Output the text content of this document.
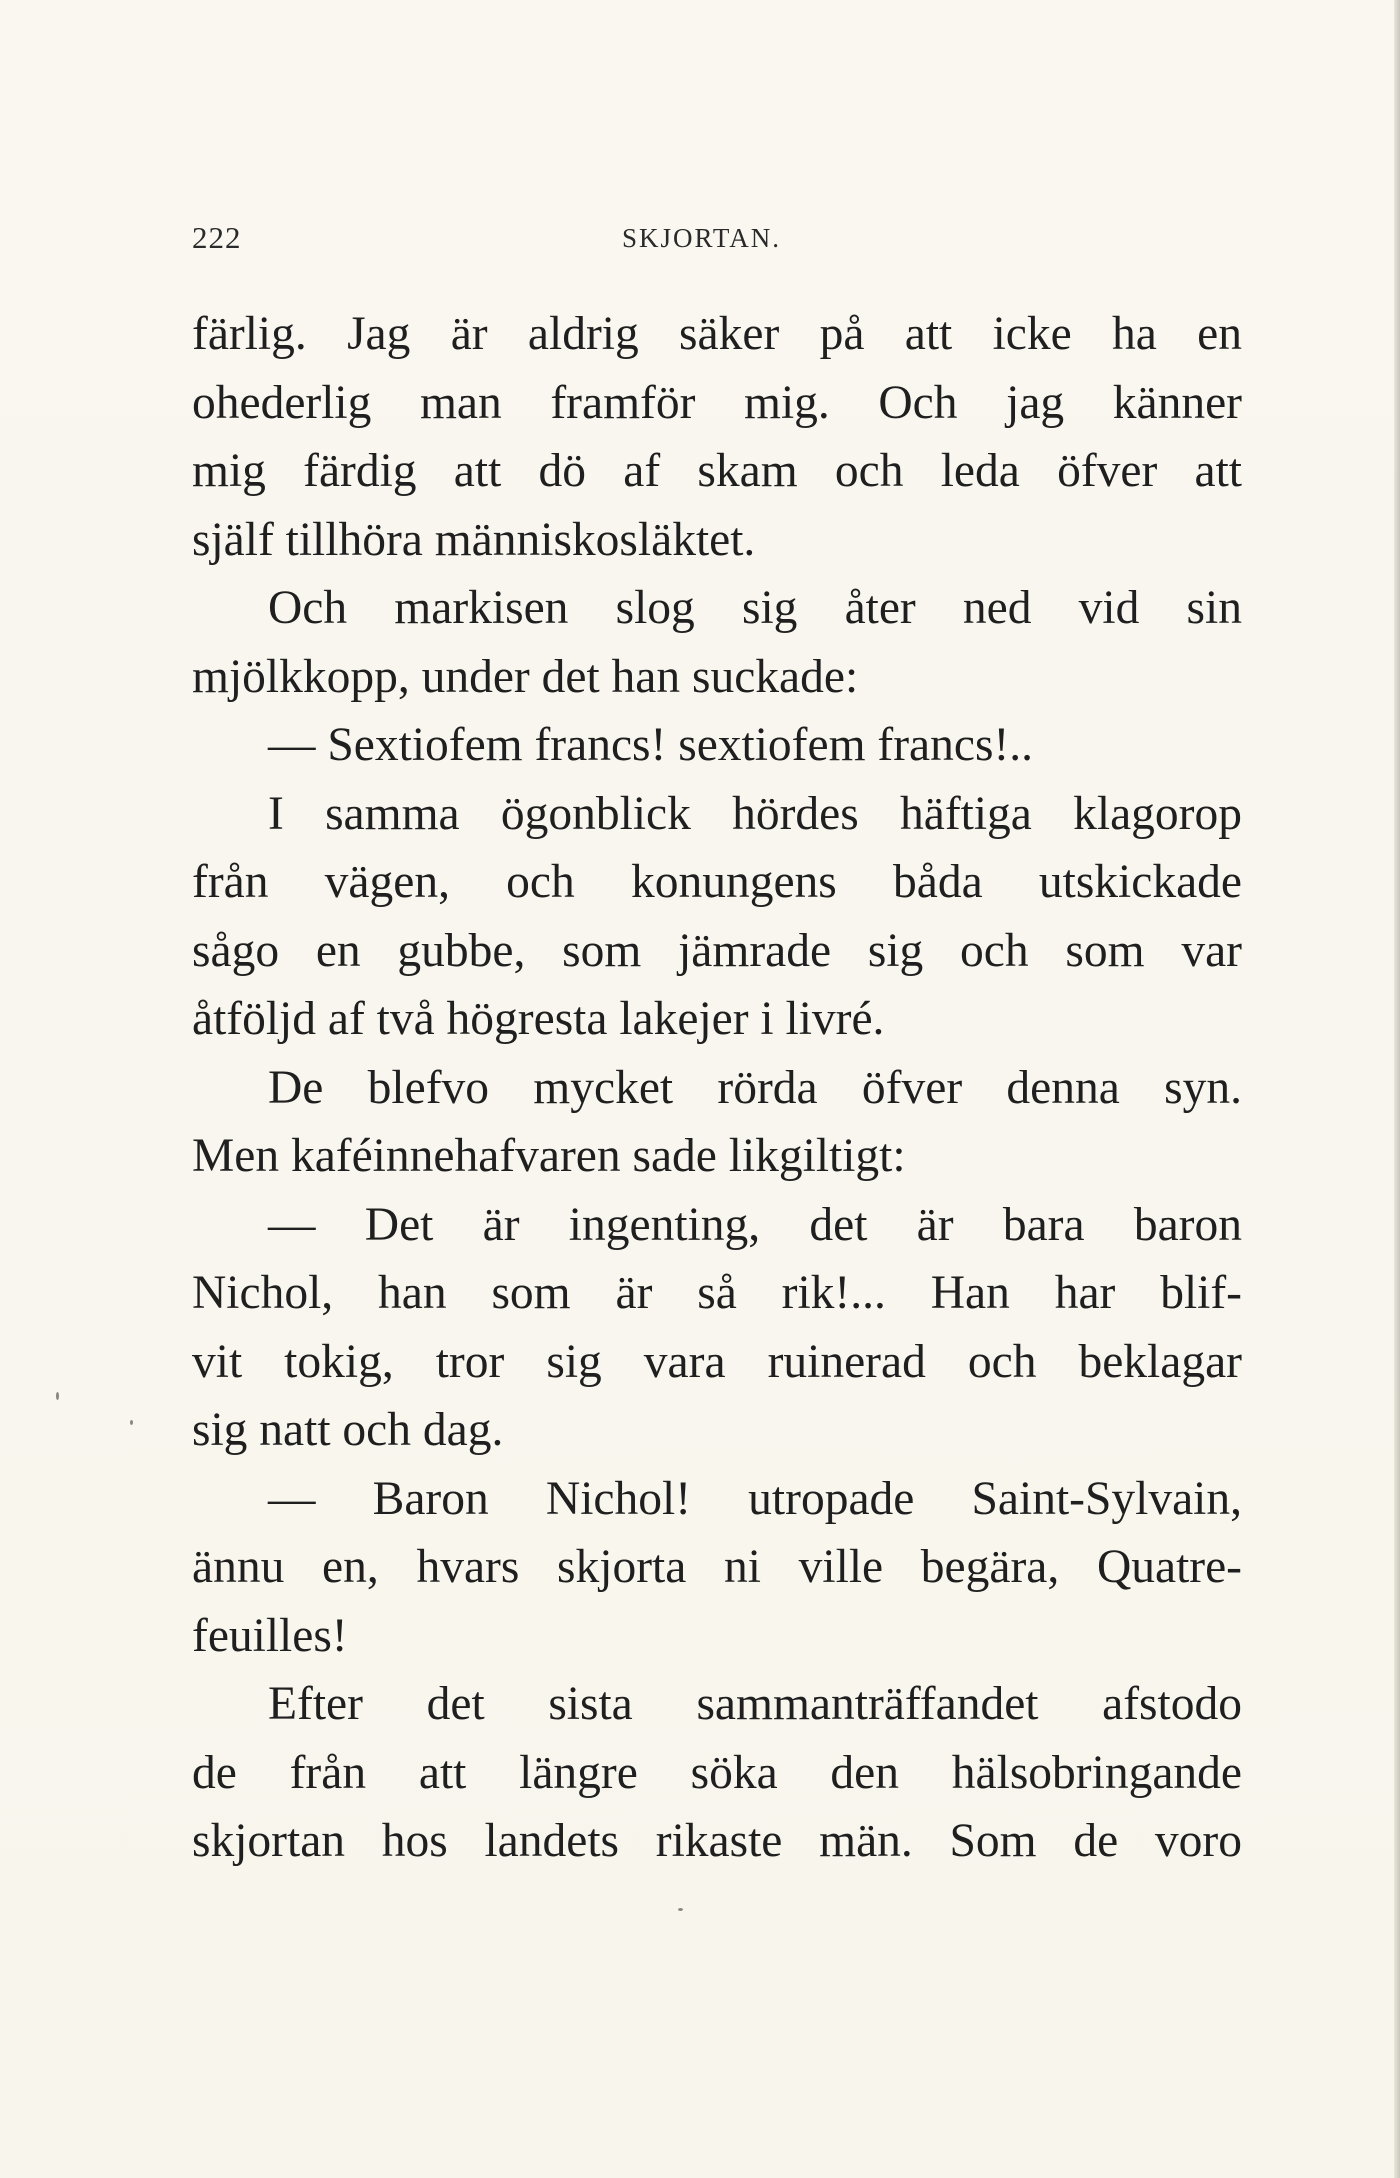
222	SKJORTAN.
färlig. Jag är aldrig säker på att icke ha en
ohederlig man framför mig. Och jag känner
mig färdig att dö af skam och leda öfver att
själf tillhöra människosläktet.
Och markisen slog sig åter ned vid sin
mjölkkopp, under det han suckade:
— Sextiofem francs! sextiofem francs!..
I samma ögonblick hördes häftiga klagorop
från vägen, och konungens båda utskickade
sågo en gubbe, som jämrade sig och som var
åtföljd af två högresta lakejer i livré.
De blefvo mycket rörda öfver denna syn.
Men kaféinnehafvaren sade likgiltigt:
— Det är ingenting, det är bara baron
Nichol, han som är så rik!... Han har blif-
vit tokig, tror sig vara ruinerad och beklagar
sig natt och dag.
— Baron Nichol! utropade Saint-Sylvain,
ännu en, hvars skjorta ni ville begära, Quatre-
feuilles!
Efter det sista sammanträffandet afstodo
de från att längre söka den hälsobringande
skjortan hos landets rikaste män. Som de voro
